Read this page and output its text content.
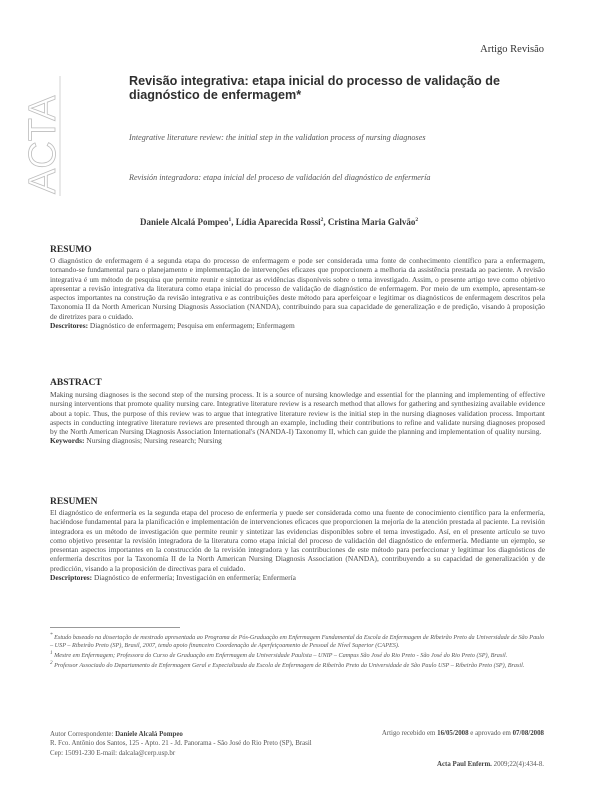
Artigo Revisão
ACTA
Revisão integrativa: etapa inicial do processo de validação de diagnóstico de enfermagem*
Integrative literature review: the initial step in the validation process of nursing diagnoses
Revisión integradora: etapa inicial del proceso de validación del diagnóstico de enfermería
Daniele Alcalá Pompeo$^1$, Lídia Aparecida Rossi$^2$, Cristina Maria Galvão$^2$
RESUMO
O diagnóstico de enfermagem é a segunda etapa do processo de enfermagem e pode ser considerada uma fonte de conhecimento científico para a enfermagem, tornando-se fundamental para o planejamento e implementação de intervenções eficazes que proporcionem a melhoria da assistência prestada ao paciente. A revisão integrativa é um método de pesquisa que permite reunir e sintetizar as evidências disponíveis sobre o tema investigado. Assim, o presente artigo teve como objetivo apresentar a revisão integrativa da literatura como etapa inicial do processo de validação de diagnóstico de enfermagem. Por meio de um exemplo, apresentam-se aspectos importantes na construção da revisão integrativa e as contribuições deste método para aperfeiçoar e legitimar os diagnósticos de enfermagem descritos pela Taxonomia II da North American Nursing Diagnosis Association (NANDA), contribuindo para sua capacidade de generalização e de predição, visando à proposição de diretrizes para o cuidado.
Descritores: Diagnóstico de enfermagem; Pesquisa em enfermagem; Enfermagem
ABSTRACT
Making nursing diagnoses is the second step of the nursing process. It is a source of nursing knowledge and essential for the planning and implementing of effective nursing interventions that promote quality nursing care. Integrative literature review is a research method that allows for gathering and synthesizing available evidence about a topic. Thus, the purpose of this review was to argue that integrative literature review is the initial step in the nursing diagnoses validation process. Important aspects in conducting integrative literature reviews are presented through an example, including their contributions to refine and validate nursing diagnoses proposed by the North American Nursing Diagnosis Association International's (NANDA-I) Taxonomy II, which can guide the planning and implementation of quality nursing.
Keywords: Nursing diagnosis; Nursing research; Nursing
RESUMEN
El diagnóstico de enfermería es la segunda etapa del proceso de enfermería y puede ser considerada como una fuente de conocimiento científico para la enfermería, haciéndose fundamental para la planificación e implementación de intervenciones eficaces que proporcionen la mejoría de la atención prestada al paciente. La revisión integradora es un método de investigación que permite reunir y sintetizar las evidencias disponibles sobre el tema investigado. Así, en el presente artículo se tuvo como objetivo presentar la revisión integradora de la literatura como etapa inicial del proceso de validación del diagnóstico de enfermería. Mediante un ejemplo, se presentan aspectos importantes en la construcción de la revisión integradora y las contribuciones de este método para perfeccionar y legitimar los diagnósticos de enfermería descritos por la Taxonomía II de la North American Nursing Diagnosis Association (NANDA), contribuyendo a su capacidad de generalización y de predicción, visando a la proposición de directivas para el cuidado.
Descriptores: Diagnóstico de enfermería; Investigación en enfermería; Enfermería
* Estudo baseado na dissertação de mestrado apresentada ao Programa de Pós-Graduação em Enfermagem Fundamental da Escola de Enfermagem de Ribeirão Preto da Universidade de São Paulo – USP – Ribeirão Preto (SP), Brasil, 2007, tendo apoio financeiro Coordenação de Aperfeiçoamento de Pessoal de Nível Superior (CAPES).
$^1$ Mestre em Enfermagem; Professora do Curso de Graduação em Enfermagem da Universidade Paulista – UNIP – Campus São José do Rio Preto - São José do Rio Preto (SP), Brasil.
$^2$ Professor Associado do Departamento de Enfermagem Geral e Especializada da Escola de Enfermagem de Ribeirão Preto da Universidade de São Paulo USP – Ribeirão Preto (SP), Brasil.
Autor Correspondente: Daniele Alcalá Pompeo
R. Fco. Antônio dos Santos, 125 - Apto. 21 - Jd. Panorama - São José do Rio Preto (SP), Brasil
Cep: 15091-230 E-mail: dalcala@cerp.usp.br
Artigo recebido em 16/05/2008 e aprovado em 07/08/2008
Acta Paul Enferm. 2009;22(4):434-8.
